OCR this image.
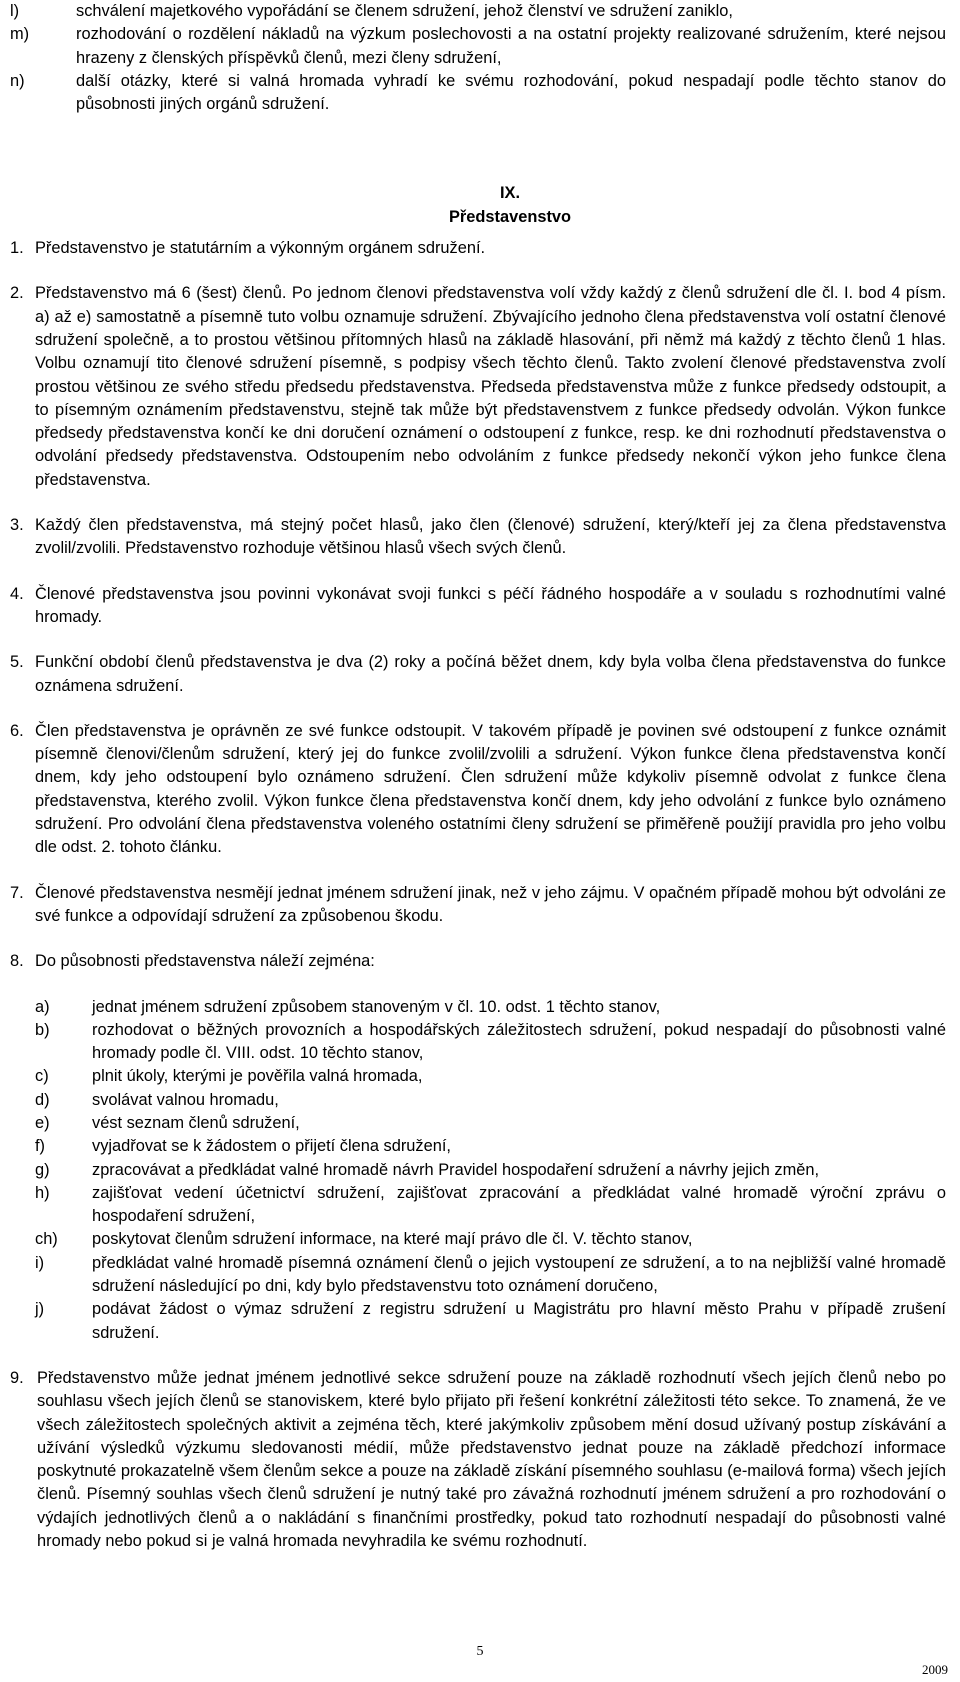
l)	schválení majetkového vypořádání se členem sdružení, jehož členství ve sdružení zaniklo,
m)	rozhodování o rozdělení nákladů na výzkum poslechovosti a na ostatní projekty realizované sdružením, které nejsou hrazeny z členských příspěvků členů, mezi členy sdružení,
n)	další otázky, které si valná hromada vyhradí ke svému rozhodování, pokud nespadají podle těchto stanov do působnosti jiných orgánů sdružení.
IX.
Představenstvo
1. Představenstvo je statutárním a výkonným orgánem sdružení.
2. Představenstvo má 6 (šest) členů. Po jednom členovi představenstva volí vždy každý z členů sdružení dle čl. I. bod 4 písm. a) až e) samostatně a písemně tuto volbu oznamuje sdružení. Zbývajícího jednoho člena představenstva volí ostatní členové sdružení společně, a to prostou většinou přítomných hlasů na základě hlasování, při němž má každý z těchto členů 1 hlas. Volbu oznamují tito členové sdružení písemně, s podpisy všech těchto členů. Takto zvolení členové představenstva zvolí prostou většinou ze svého středu předsedu představenstva. Předseda představenstva může z funkce předsedy odstoupit, a to písemným oznámením představenstvu, stejně tak může být představenstvem z funkce předsedy odvolán. Výkon funkce předsedy představenstva končí ke dni doručení oznámení o odstoupení z funkce, resp. ke dni rozhodnutí představenstva o odvolání předsedy představenstva. Odstoupením nebo odvoláním z funkce předsedy nekončí výkon jeho funkce člena představenstva.
3. Každý člen představenstva, má stejný počet hlasů, jako člen (členové) sdružení, který/kteří jej za člena představenstva zvolil/zvolili. Představenstvo rozhoduje většinou hlasů všech svých členů.
4. Členové představenstva jsou povinni vykonávat svoji funkci s péčí řádného hospodáře a v souladu s rozhodnutími valné hromady.
5. Funkční období členů představenstva je dva (2) roky a počíná běžet dnem, kdy byla volba člena představenstva do funkce oznámena sdružení.
6. Člen představenstva je oprávněn ze své funkce odstoupit. V takovém případě je povinen své odstoupení z funkce oznámit písemně členovi/členům sdružení, který jej do funkce zvolil/zvolili a sdružení. Výkon funkce člena představenstva končí dnem, kdy jeho odstoupení bylo oznámeno sdružení. Člen sdružení může kdykoliv písemně odvolat z funkce člena představenstva, kterého zvolil. Výkon funkce člena představenstva končí dnem, kdy jeho odvolání z funkce bylo oznámeno sdružení. Pro odvolání člena představenstva voleného ostatními členy sdružení se přiměřeně použijí pravidla pro jeho volbu dle odst. 2. tohoto článku.
7. Členové představenstva nesmějí jednat jménem sdružení jinak, než v jeho zájmu. V opačném případě mohou být odvoláni ze své funkce a odpovídají sdružení za způsobenou škodu.
8. Do působnosti představenstva náleží zejména:
a)	jednat jménem sdružení způsobem stanoveným v čl. 10. odst. 1 těchto stanov,
b)	rozhodovat o běžných provozních a hospodářských záležitostech sdružení, pokud nespadají do působnosti valné hromady podle čl. VIII. odst. 10 těchto stanov,
c)	plnit úkoly, kterými je pověřila valná hromada,
d)	svolávat valnou hromadu,
e)	vést seznam členů sdružení,
f)	vyjadřovat se k žádostem o přijetí člena sdružení,
g)	zpracovávat a předkládat valné hromadě návrh Pravidel hospodaření sdružení a návrhy jejich změn,
h)	zajišťovat vedení účetnictví sdružení, zajišťovat zpracování a předkládat valné hromadě výroční zprávu o hospodaření sdružení,
ch)	poskytovat členům sdružení informace, na které mají právo dle čl. V. těchto stanov,
i)	předkládat valné hromadě písemná oznámení členů o jejich vystoupení ze sdružení, a to na nejbližší valné hromadě sdružení následující po dni, kdy bylo představenstvu toto oznámení doručeno,
j)	podávat žádost o výmaz sdružení z registru sdružení u Magistrátu pro hlavní město Prahu v případě zrušení sdružení.
9. Představenstvo může jednat jménem jednotlivé sekce sdružení pouze na základě rozhodnutí všech jejích členů nebo po souhlasu všech jejích členů se stanoviskem, které bylo přijato při řešení konkrétní záležitosti této sekce. To znamená, že ve všech záležitostech společných aktivit a zejména těch, které jakýmkoliv způsobem mění dosud užívaný postup získávání a užívání výsledků výzkumu sledovanosti médií, může představenstvo jednat pouze na základě předchozí informace poskytnuté prokazatelně všem členům sekce a pouze na základě získání písemného souhlasu (e-mailová forma) všech jejích členů. Písemný souhlas všech členů sdružení je nutný také pro závažná rozhodnutí jménem sdružení a pro rozhodování o výdajích jednotlivých členů a o nakládání s finančními prostředky, pokud tato rozhodnutí nespadají do působnosti valné hromady nebo pokud si je valná hromada nevyhradila ke svému rozhodnutí.
5
2009
